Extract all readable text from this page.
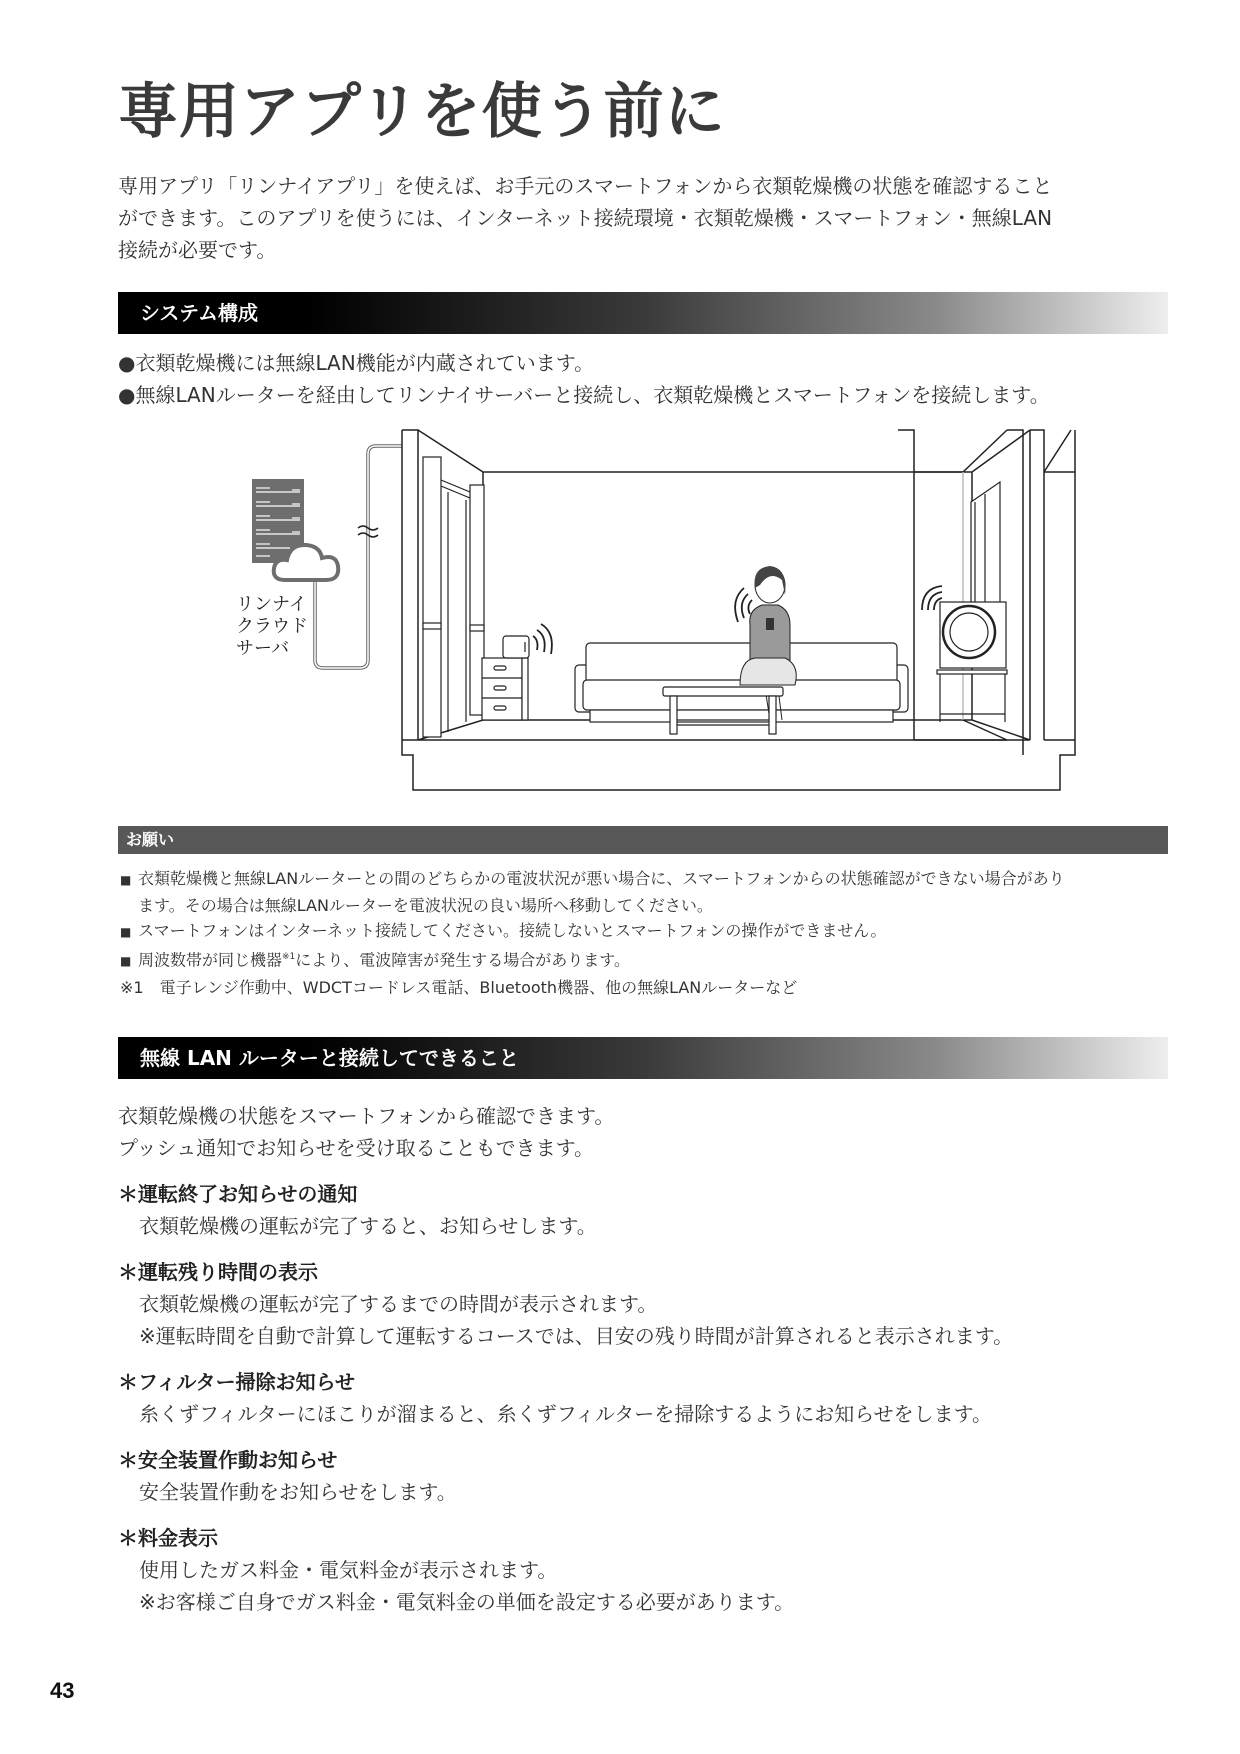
専用アプリを使う前に
専用アプリ「リンナイアプリ」を使えば、お手元のスマートフォンから衣類乾燥機の状態を確認すること
ができます。このアプリを使うには、インターネット接続環境・衣類乾燥機・スマートフォン・無線LAN
接続が必要です。
システム構成
●衣類乾燥機には無線LAN機能が内蔵されています。
●無線LANルーターを経由してリンナイサーバーと接続し、衣類乾燥機とスマートフォンを接続します。
リンナイ
クラウド
サーバ
お願い
■ 衣類乾燥機と無線LANルーターとの間のどちらかの電波状況が悪い場合に、スマートフォンからの状態確認ができない場合があり
ます。その場合は無線LANルーターを電波状況の良い場所へ移動してください。
■ スマートフォンはインターネット接続してください。接続しないとスマートフォンの操作ができません。
■ 周波数帯が同じ機器$^{※1}$により、電波障害が発生する場合があります。
※1　電子レンジ作動中、WDCTコードレス電話、Bluetooth機器、他の無線LANルーターなど
無線 LAN ルーターと接続してできること
衣類乾燥機の状態をスマートフォンから確認できます。
プッシュ通知でお知らせを受け取ることもできます。
＊運転終了お知らせの通知
衣類乾燥機の運転が完了すると、お知らせします。
＊運転残り時間の表示
衣類乾燥機の運転が完了するまでの時間が表示されます。
※運転時間を自動で計算して運転するコースでは、目安の残り時間が計算されると表示されます。
＊フィルター掃除お知らせ
糸くずフィルターにほこりが溜まると、糸くずフィルターを掃除するようにお知らせをします。
＊安全装置作動お知らせ
安全装置作動をお知らせをします。
＊料金表示
使用したガス料金・電気料金が表示されます。
※お客様ご自身でガス料金・電気料金の単価を設定する必要があります。
43
